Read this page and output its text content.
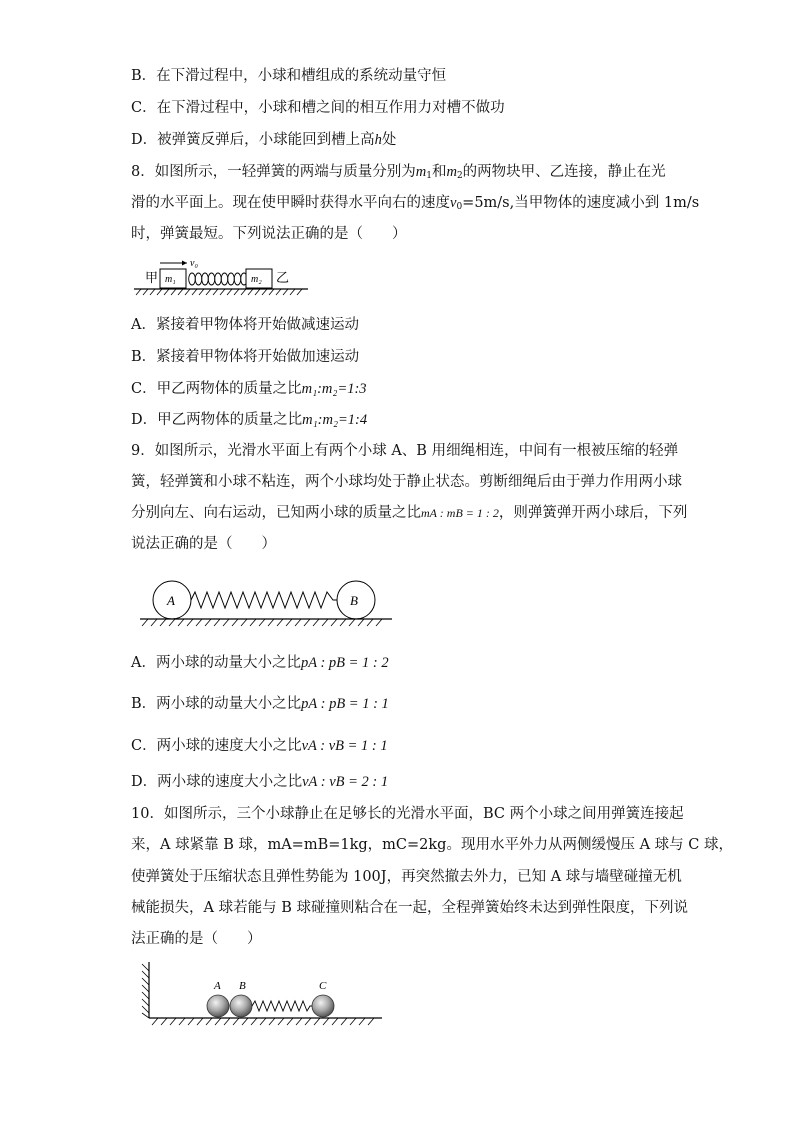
B．在下滑过程中，小球和槽组成的系统动量守恒
C．在下滑过程中，小球和槽之间的相互作用力对槽不做功
D．被弹簧反弹后，小球能回到槽上高h处
8．如图所示，一轻弹簧的两端与质量分别为$m_1$和$m_2$的两物块甲、乙连接，静止在光
滑的水平面上。现在使甲瞬时获得水平向右的速度$v_0=5m/s$,当甲物体的速度减小到 1m/s
时，弹簧最短。下列说法正确的是（　　）
v₀
甲	乙
m₁	m₂
A．紧接着甲物体将开始做减速运动
B．紧接着甲物体将开始做加速运动
C．甲乙两物体的质量之比m₁:m₂=1:3
D．甲乙两物体的质量之比m₁:m₂=1:4
9．如图所示，光滑水平面上有两个小球 A、B 用细绳相连，中间有一根被压缩的轻弹
簧，轻弹簧和小球不粘连，两个小球均处于静止状态。剪断细绳后由于弹力作用两小球
分别向左、向右运动，已知两小球的质量之比mA : mB = 1 : 2，则弹簧弹开两小球后，下列
说法正确的是（　　）
A	B
A．两小球的动量大小之比pA : pB = 1 : 2
B．两小球的动量大小之比pA : pB = 1 : 1
C．两小球的速度大小之比vA : vB = 1 : 1
D．两小球的速度大小之比vA : vB = 2 : 1
10．如图所示，三个小球静止在足够长的光滑水平面，BC 两个小球之间用弹簧连接起
来，A 球紧靠 B 球，mA=mB=1kg，mC=2kg。现用水平外力从两侧缓慢压 A 球与 C 球，
使弹簧处于压缩状态且弹性势能为 100J，再突然撤去外力，已知 A 球与墙壁碰撞无机
械能损失，A 球若能与 B 球碰撞则粘合在一起，全程弹簧始终未达到弹性限度，下列说
法正确的是（　　）
A B	C
